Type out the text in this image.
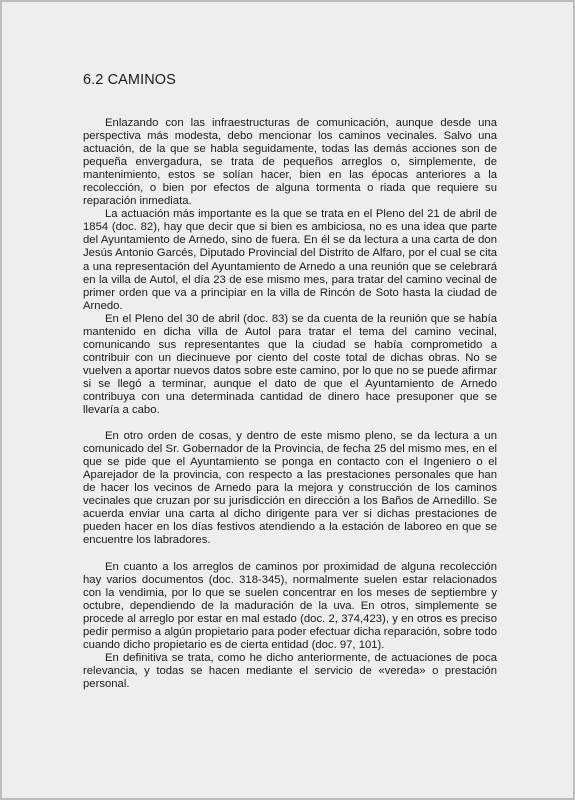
6.2 CAMINOS

Enlazando con las infraestructuras de comunicación, aunque desde una perspectiva más modesta, debo mencionar los caminos vecinales. Salvo una actuación, de la que se habla seguidamente, todas las demás acciones son de pequeña envergadura, se trata de pequeños arreglos o, simplemente, de mantenimiento, estos se solían hacer, bien en las épocas anteriores a la recolección, o bien por efectos de alguna tormenta o riada que requiere su reparación inmediata.

La actuación más importante es la que se trata en el Pleno del 21 de abril de 1854 (doc. 82), hay que decir que si bien es ambiciosa, no es una idea que parte del Ayuntamiento de Arnedo, sino de fuera. En él se da lectura a una carta de don Jesús Antonio Garcés, Diputado Provincial del Distrito de Alfaro, por el cual se cita a una representación del Ayuntamiento de Arnedo a una reunión que se celebrará en la villa de Autol, el día 23 de ese mismo mes, para tratar del camino vecinal de primer orden que va a principiar en la villa de Rincón de Soto hasta la ciudad de Arnedo.

En el Pleno del 30 de abril (doc. 83) se da cuenta de la reunión que se había mantenido en dicha villa de Autol para tratar el tema del camino vecinal, comunicando sus representantes que la ciudad se había comprometido a contribuir con un diecinueve por ciento del coste total de dichas obras. No se vuelven a aportar nuevos datos sobre este camino, por lo que no se puede afirmar si se llegó a terminar, aunque el dato de que el Ayuntamiento de Arnedo contribuya con una determinada cantidad de dinero hace presuponer que se llevaría a cabo.

En otro orden de cosas, y dentro de este mismo pleno, se da lectura a un comunicado del Sr. Gobernador de la Provincia, de fecha 25 del mismo mes, en el que se pide que el Ayuntamiento se ponga en contacto con el Ingeniero o el Aparejador de la provincia, con respecto a las prestaciones personales que han de hacer los vecinos de Arnedo para la mejora y construcción de los caminos vecinales que cruzan por su jurisdicción en dirección a los Baños de Arnedillo. Se acuerda enviar una carta al dicho dirigente para ver si dichas prestaciones de pueden hacer en los días festivos atendiendo a la estación de laboreo en que se encuentre los labradores.

En cuanto a los arreglos de caminos por proximidad de alguna recolección hay varios documentos (doc. 318-345), normalmente suelen estar relacionados con la vendimia, por lo que se suelen concentrar en los meses de septiembre y octubre, dependiendo de la maduración de la uva. En otros, simplemente se procede al arreglo por estar en mal estado (doc. 2, 374,423), y en otros es preciso pedir permiso a algún propietario para poder efectuar dicha reparación, sobre todo cuando dicho propietario es de cierta entidad (doc. 97, 101).

En definitiva se trata, como he dicho anteriormente, de actuaciones de poca relevancia, y todas se hacen mediante el servicio de «vereda» o prestación personal.
